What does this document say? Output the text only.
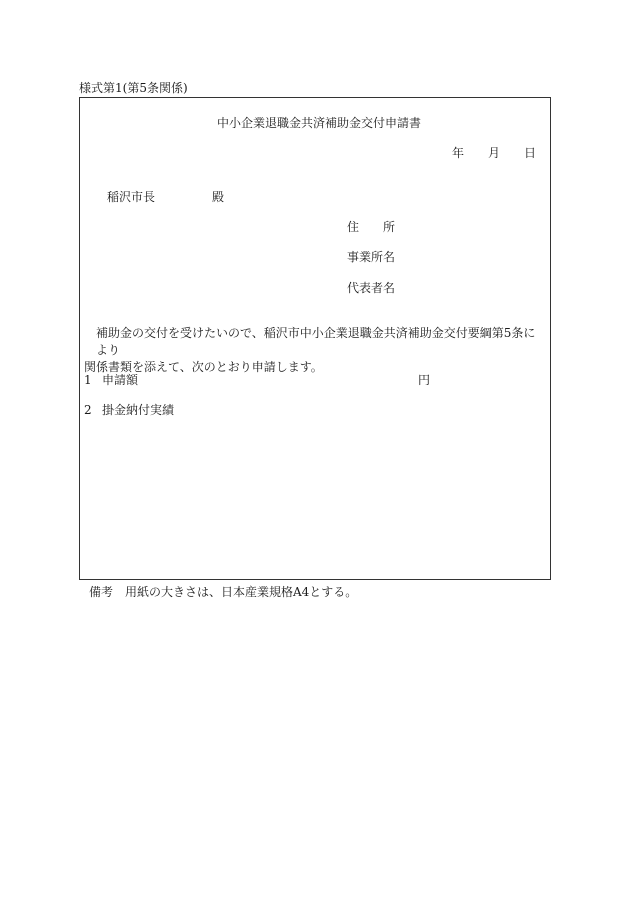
様式第1(第5条関係)
中小企業退職金共済補助金交付申請書
年 月 日
稲沢市長	殿
住　　所
事業所名
代表者名
補助金の交付を受けたいので、稲沢市中小企業退職金共済補助金交付要綱第5条により
関係書類を添えて、次のとおり申請します。
1 申請額	円
2 掛金納付実績
備考 用紙の大きさは、日本産業規格A4とする。
